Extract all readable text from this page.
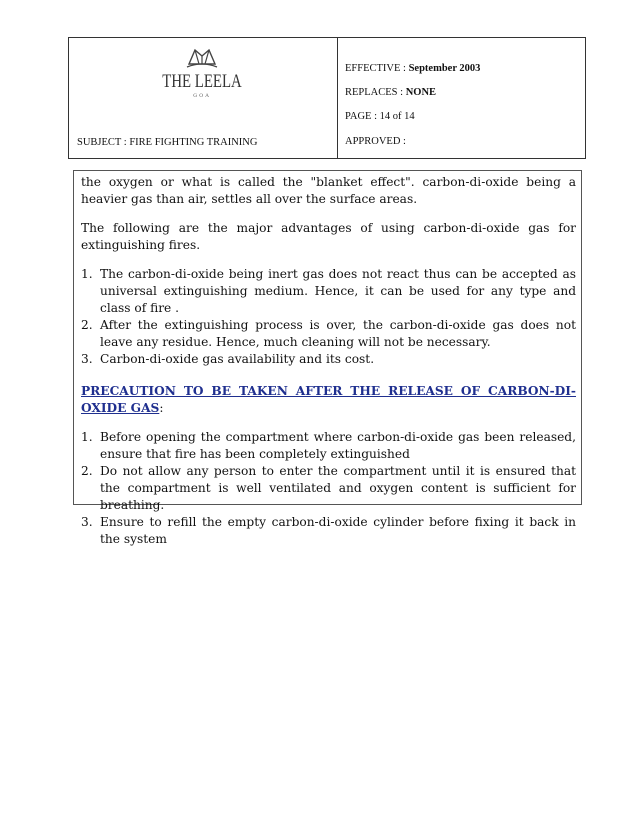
THE LEELA
GOA
SUBJECT : FIRE FIGHTING TRAINING
EFFECTIVE : September 2003
REPLACES : NONE
PAGE : 14 of 14
APPROVED :

the oxygen or what is called the "blanket effect". carbon-di-oxide being a heavier gas than air, settles all over the surface areas.

The following are the major advantages of using carbon-di-oxide gas for extinguishing fires.

1. The carbon-di-oxide being inert gas does not react thus can be accepted as universal extinguishing medium. Hence, it can be used for any type and class of fire .
2. After the extinguishing process is over, the carbon-di-oxide gas does not leave any residue. Hence, much cleaning will not be necessary.
3. Carbon-di-oxide gas availability and its cost.

PRECAUTION TO BE TAKEN AFTER THE RELEASE OF CARBON-DI-OXIDE GAS:

1. Before opening the compartment where carbon-di-oxide gas been released, ensure that fire has been completely extinguished
2. Do not allow any person to enter the compartment until it is ensured that the compartment is well ventilated and oxygen content is sufficient for breathing.
3. Ensure to refill the empty carbon-di-oxide cylinder before fixing it back in the system
